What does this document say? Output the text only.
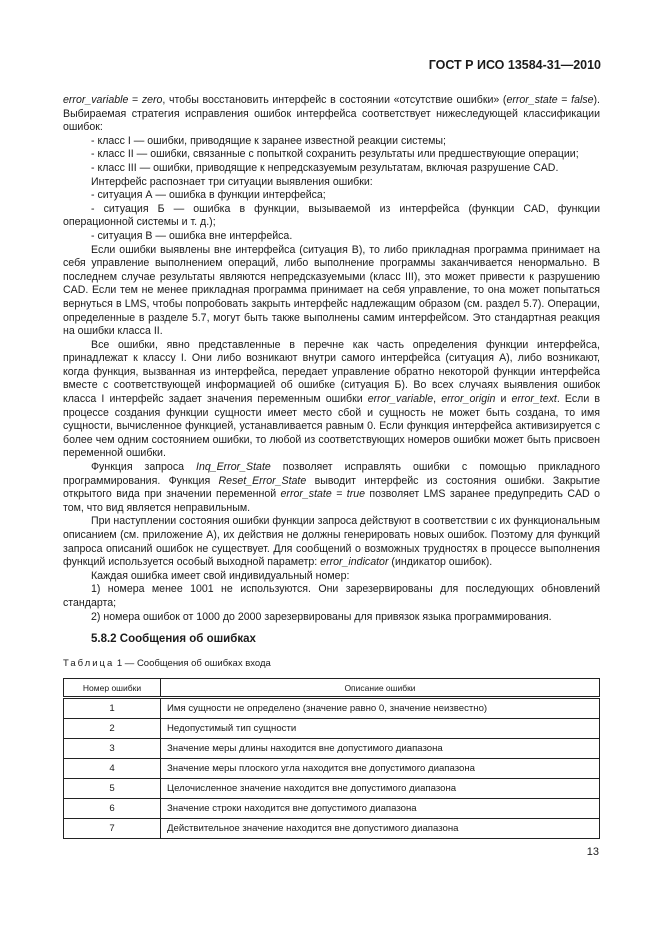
ГОСТ Р ИСО 13584-31—2010

error_variable = zero, чтобы восстановить интерфейс в состоянии «отсутствие ошибки» (error_state = false). Выбираемая стратегия исправления ошибок интерфейса соответствует нижеследующей классификации ошибок:

- класс I — ошибки, приводящие к заранее известной реакции системы;

- класс II — ошибки, связанные с попыткой сохранить результаты или предшествующие операции;

- класс III — ошибки, приводящие к непредсказуемым результатам, включая разрушение CAD.

Интерфейс распознает три ситуации выявления ошибки:

- ситуация А — ошибка в функции интерфейса;

- ситуация Б — ошибка в функции, вызываемой из интерфейса (функции CAD, функции операционной системы и т. д.);

- ситуация В — ошибка вне интерфейса.

Если ошибки выявлены вне интерфейса (ситуация В), то либо прикладная программа принимает на себя управление выполнением операций, либо выполнение программы заканчивается ненормально. В последнем случае результаты являются непредсказуемыми (класс III), это может привести к разрушению CAD. Если тем не менее прикладная программа принимает на себя управление, то она может попытаться вернуться в LMS, чтобы попробовать закрыть интерфейс надлежащим образом (см. раздел 5.7). Операции, определенные в разделе 5.7, могут быть также выполнены самим интерфейсом. Это стандартная реакция на ошибки класса II.

Все ошибки, явно представленные в перечне как часть определения функции интерфейса, принадлежат к классу I. Они либо возникают внутри самого интерфейса (ситуация А), либо возникают, когда функция, вызванная из интерфейса, передает управление обратно некоторой функции интерфейса вместе с соответствующей информацией об ошибке (ситуация Б). Во всех случаях выявления ошибок класса I интерфейс задает значения переменным ошибки error_variable, error_origin и error_text. Если в процессе создания функции сущности имеет место сбой и сущность не может быть создана, то имя сущности, вычисленное функцией, устанавливается равным 0. Если функция интерфейса активизируется с более чем одним состоянием ошибки, то любой из соответствующих номеров ошибки может быть присвоен переменной ошибки.

Функция запроса Inq_Error_State позволяет исправлять ошибки с помощью прикладного программирования. Функция Reset_Error_State выводит интерфейс из состояния ошибки. Закрытие открытого вида при значении переменной error_state = true позволяет LMS заранее предупредить CAD о том, что вид является неправильным.

При наступлении состояния ошибки функции запроса действуют в соответствии с их функциональным описанием (см. приложение А), их действия не должны генерировать новых ошибок. Поэтому для функций запроса описаний ошибок не существует. Для сообщений о возможных трудностях в процессе выполнения функций используется особый выходной параметр: error_indicator (индикатор ошибок).

Каждая ошибка имеет свой индивидуальный номер:

1) номера менее 1001 не используются. Они зарезервированы для последующих обновлений стандарта;

2) номера ошибок от 1000 до 2000 зарезервированы для привязок языка программирования.

5.8.2 Сообщения об ошибках
Таблица 1 — Сообщения об ошибках входа
Номер ошибки	Описание ошибки
1	Имя сущности не определено (значение равно 0, значение неизвестно)
2	Недопустимый тип сущности
3	Значение меры длины находится вне допустимого диапазона
4	Значение меры плоского угла находится вне допустимого диапазона
5	Целочисленное значение находится вне допустимого диапазона
6	Значение строки находится вне допустимого диапазона
7	Действительное значение находится вне допустимого диапазона
13
